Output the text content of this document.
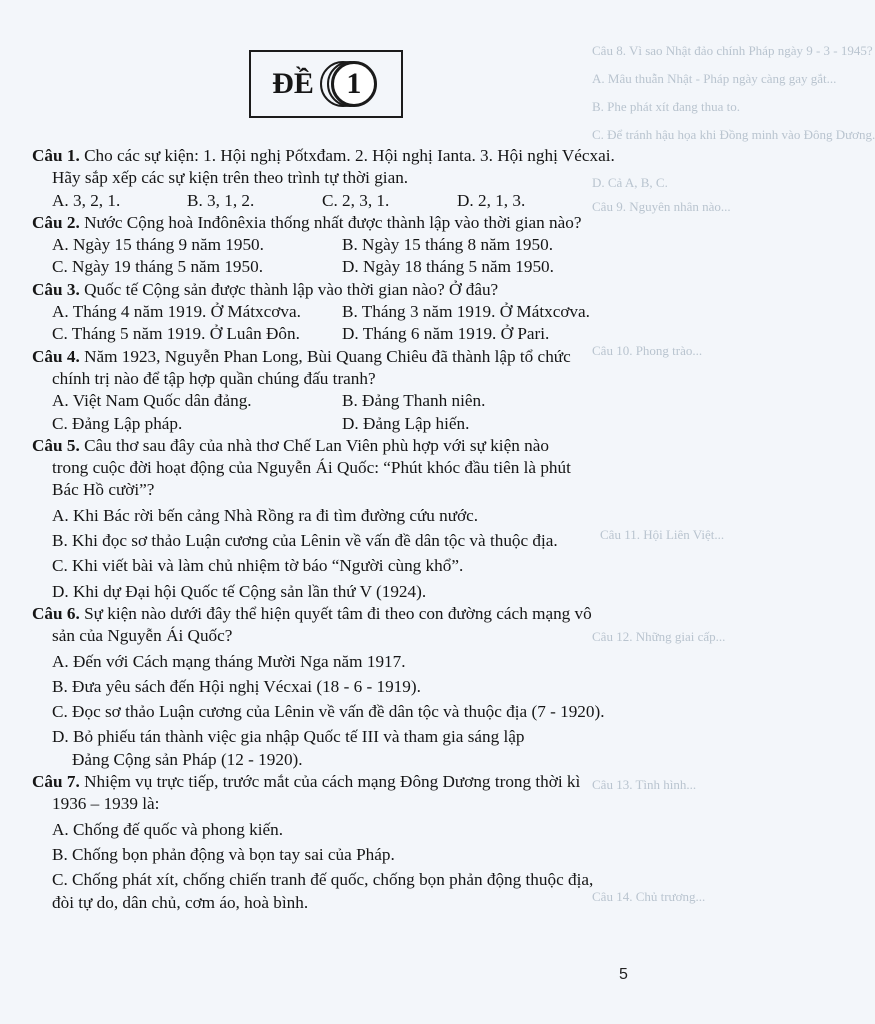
Câu 8. Vì sao Nhật đảo chính Pháp ngày 9 - 3 - 1945?
A. Mâu thuẫn Nhật - Pháp ngày càng gay gắt...
B. Phe phát xít đang thua to.
C. Để tránh hậu họa khi Đồng minh vào Đông Dương.
D. Cả A, B, C.
Câu 9. Nguyên nhân nào...
Câu 10. Phong trào...
Câu 11. Hội Liên Việt...
Câu 12. Những giai cấp...
Câu 13. Tình hình...
Câu 14. Chủ trương...
ĐỀ	1
Câu 1. Cho các sự kiện: 1. Hội nghị Pốtxđam. 2. Hội nghị Ianta. 3. Hội nghị Vécxai.
Hãy sắp xếp các sự kiện trên theo trình tự thời gian.
A. 3, 2, 1.	B. 3, 1, 2.	C. 2, 3, 1.	D. 2, 1, 3.
Câu 2. Nước Cộng hoà Inđônêxia thống nhất được thành lập vào thời gian nào?
A. Ngày 15 tháng 9 năm 1950.	B. Ngày 15 tháng 8 năm 1950.
C. Ngày 19 tháng 5 năm 1950.	D. Ngày 18 tháng 5 năm 1950.
Câu 3. Quốc tế Cộng sản được thành lập vào thời gian nào? Ở đâu?
A. Tháng 4 năm 1919. Ở Mátxcơva.	B. Tháng 3 năm 1919. Ở Mátxcơva.
C. Tháng 5 năm 1919. Ở Luân Đôn.	D. Tháng 6 năm 1919. Ở Pari.
Câu 4. Năm 1923, Nguyễn Phan Long, Bùi Quang Chiêu đã thành lập tổ chức
chính trị nào để tập hợp quần chúng đấu tranh?
A. Việt Nam Quốc dân đảng.	B. Đảng Thanh niên.
C. Đảng Lập pháp.	D. Đảng Lập hiến.
Câu 5. Câu thơ sau đây của nhà thơ Chế Lan Viên phù hợp với sự kiện nào
trong cuộc đời hoạt động của Nguyễn Ái Quốc: “Phút khóc đầu tiên là phút
Bác Hồ cười”?
A. Khi Bác rời bến cảng Nhà Rồng ra đi tìm đường cứu nước.
B. Khi đọc sơ thảo Luận cương của Lênin về vấn đề dân tộc và thuộc địa.
C. Khi viết bài và làm chủ nhiệm tờ báo “Người cùng khổ”.
D. Khi dự Đại hội Quốc tế Cộng sản lần thứ V (1924).
Câu 6. Sự kiện nào dưới đây thể hiện quyết tâm đi theo con đường cách mạng vô
sản của Nguyễn Ái Quốc?
A. Đến với Cách mạng tháng Mười Nga năm 1917.
B. Đưa yêu sách đến Hội nghị Vécxai (18 - 6 - 1919).
C. Đọc sơ thảo Luận cương của Lênin về vấn đề dân tộc và thuộc địa (7 - 1920).
D. Bỏ phiếu tán thành việc gia nhập Quốc tế III và tham gia sáng lập
Đảng Cộng sản Pháp (12 - 1920).
Câu 7. Nhiệm vụ trực tiếp, trước mắt của cách mạng Đông Dương trong thời kì
1936 – 1939 là:
A. Chống đế quốc và phong kiến.
B. Chống bọn phản động và bọn tay sai của Pháp.
C. Chống phát xít, chống chiến tranh đế quốc, chống bọn phản động thuộc địa,
đòi tự do, dân chủ, cơm áo, hoà bình.
5
